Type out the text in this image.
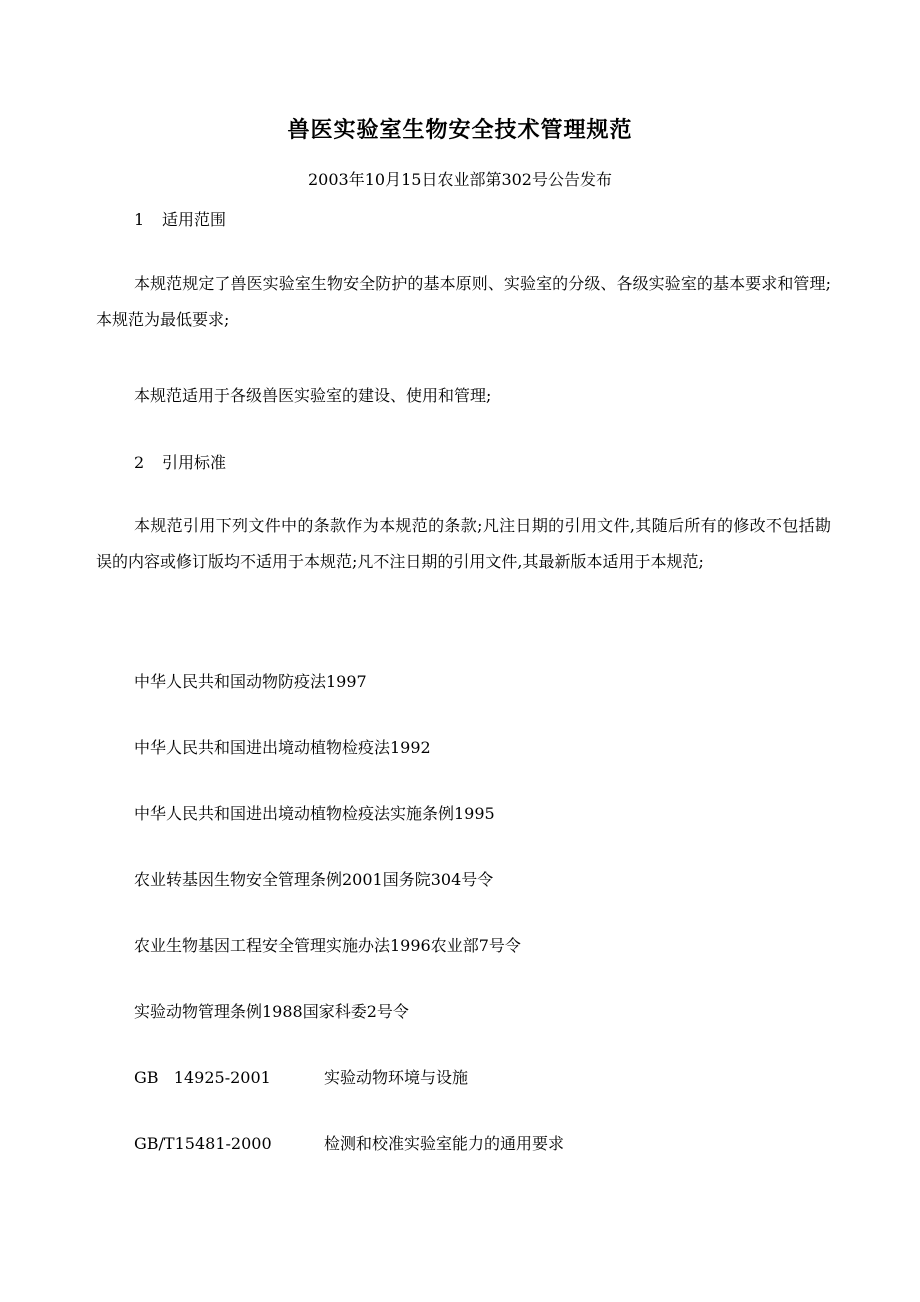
兽医实验室生物安全技术管理规范
2003年10月15日农业部第302号公告发布
1 适用范围
本规范规定了兽医实验室生物安全防护的基本原则、实验室的分级、各级实验室的基本要求和管理;本规范为最低要求;
本规范适用于各级兽医实验室的建设、使用和管理;
2 引用标准
本规范引用下列文件中的条款作为本规范的条款;凡注日期的引用文件,其随后所有的修改不包括勘误的内容或修订版均不适用于本规范;凡不注日期的引用文件,其最新版本适用于本规范;
中华人民共和国动物防疫法1997
中华人民共和国进出境动植物检疫法1992
中华人民共和国进出境动植物检疫法实施条例1995
农业转基因生物安全管理条例2001国务院304号令
农业生物基因工程安全管理实施办法1996农业部7号令
实验动物管理条例1988国家科委2号令
GB   14925-2001	实验动物环境与设施
GB/T15481-2000	检测和校准实验室能力的通用要求
